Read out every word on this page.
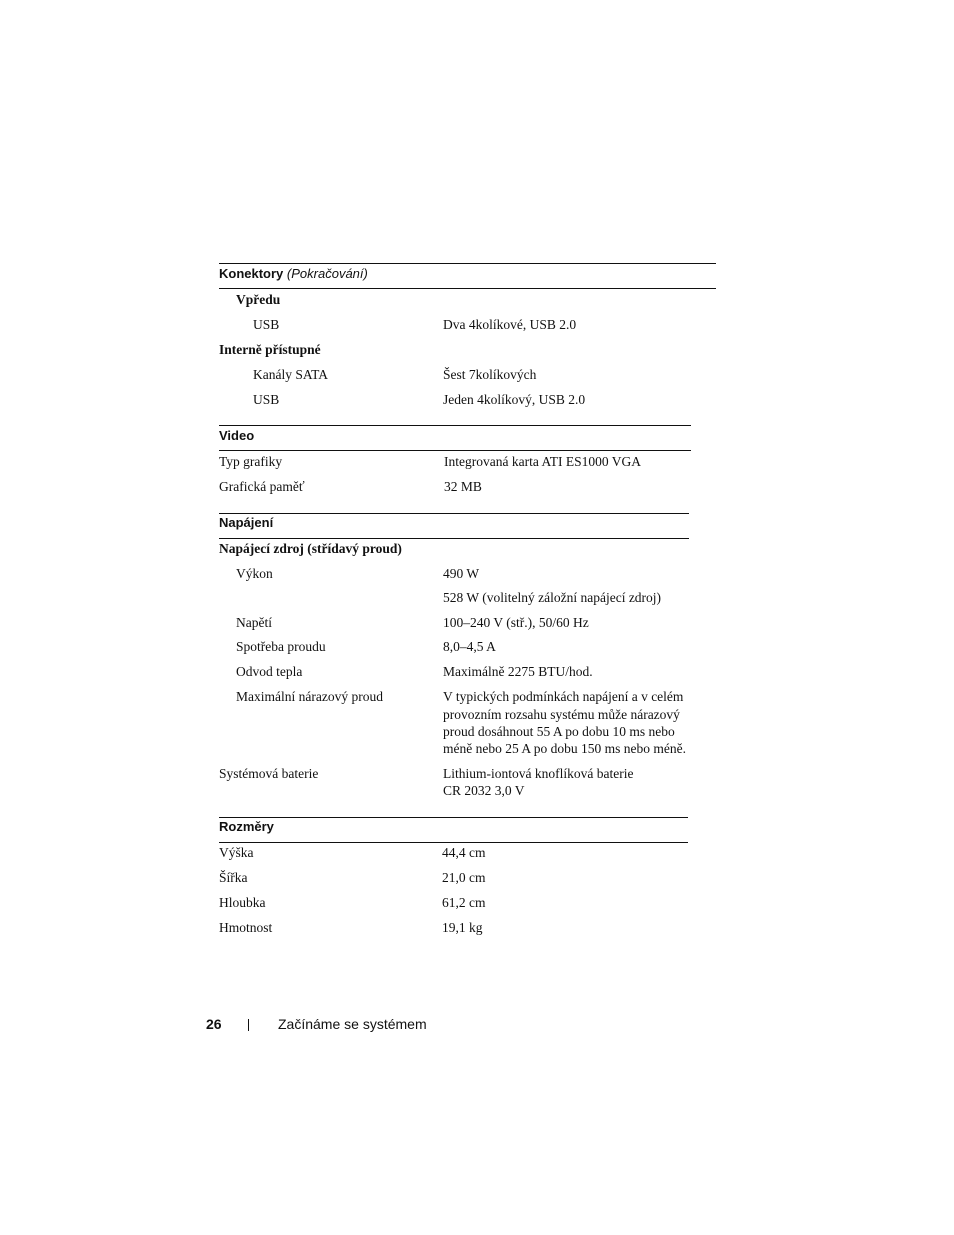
Konektory (Pokračování)
Vpředu
USB	Dva 4kolíkové, USB 2.0
Interně přístupné
Kanály SATA	Šest 7kolíkových
USB	Jeden 4kolíkový, USB 2.0
Video
Typ grafiky	Integrovaná karta ATI ES1000 VGA
Grafická paměť	32 MB
Napájení
Napájecí zdroj (střídavý proud)
Výkon	490 W
528 W (volitelný záložní napájecí zdroj)
Napětí	100–240 V (stř.), 50/60 Hz
Spotřeba proudu	8,0–4,5 A
Odvod tepla	Maximálně 2275 BTU/hod.
Maximální nárazový proud	V typických podmínkách napájení a v celém
provozním rozsahu systému může nárazový
proud dosáhnout 55 A po dobu 10 ms nebo
méně nebo 25 A po dobu 150 ms nebo méně.
Systémová baterie	Lithium-iontová knoflíková baterie
CR 2032 3,0 V
Rozměry
Výška	44,4 cm
Šířka	21,0 cm
Hloubka	61,2 cm
Hmotnost	19,1 kg
26	Začínáme se systémem
